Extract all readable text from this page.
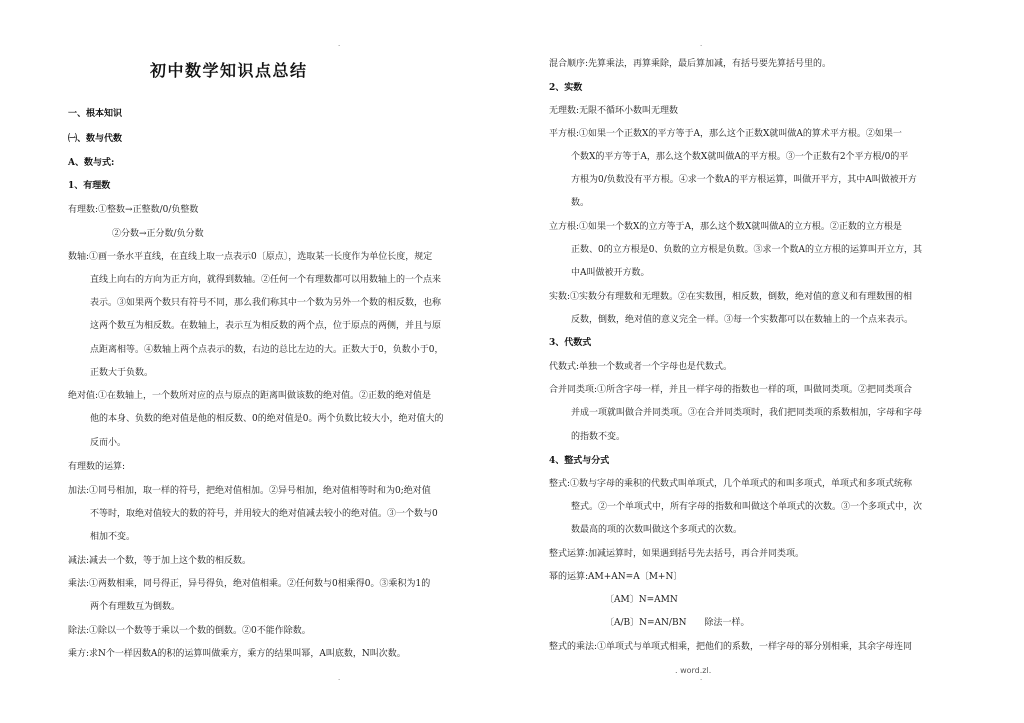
·	·
·	·
初中数学知识点总结
一、根本知识
㈠、数与代数
A、数与式:
1、有理数
有理数:①整数→正整数/0/负整数
②分数→正分数/负分数
数轴:①画一条水平直线，在直线上取一点表示0〔原点〕，选取某一长度作为单位长度，规定
直线上向右的方向为正方向，就得到数轴。②任何一个有理数都可以用数轴上的一个点来
表示。③如果两个数只有符号不同，那么我们称其中一个数为另外一个数的相反数，也称
这两个数互为相反数。在数轴上，表示互为相反数的两个点，位于原点的两侧，并且与原
点距离相等。④数轴上两个点表示的数，右边的总比左边的大。正数大于0，负数小于0，
正数大于负数。
绝对值:①在数轴上，一个数所对应的点与原点的距离叫做该数的绝对值。②正数的绝对值是
他的本身、负数的绝对值是他的相反数、0的绝对值是0。两个负数比较大小，绝对值大的
反而小。
有理数的运算:
加法:①同号相加，取一样的符号，把绝对值相加。②异号相加，绝对值相等时和为0;绝对值
不等时，取绝对值较大的数的符号，并用较大的绝对值减去较小的绝对值。③一个数与0
相加不变。
减法:减去一个数，等于加上这个数的相反数。
乘法:①两数相乘，同号得正，异号得负，绝对值相乘。②任何数与0相乘得0。③乘积为1的
两个有理数互为倒数。
除法:①除以一个数等于乘以一个数的倒数。②0不能作除数。
乘方:求N个一样因数A的积的运算叫做乘方，乘方的结果叫幂，A叫底数，N叫次数。
混合顺序:先算乘法，再算乘除，最后算加减，有括号要先算括号里的。
2、实数
无理数:无限不循环小数叫无理数
平方根:①如果一个正数X的平方等于A，那么这个正数X就叫做A的算术平方根。②如果一
个数X的平方等于A，那么这个数X就叫做A的平方根。③一个正数有2个平方根/0的平
方根为0/负数没有平方根。④求一个数A的平方根运算，叫做开平方，其中A叫做被开方
数。
立方根:①如果一个数X的立方等于A，那么这个数X就叫做A的立方根。②正数的立方根是
正数、0的立方根是0、负数的立方根是负数。③求一个数A的立方根的运算叫开立方，其
中A叫做被开方数。
实数:①实数分有理数和无理数。②在实数围，相反数，倒数，绝对值的意义和有理数围的相
反数，倒数，绝对值的意义完全一样。③每一个实数都可以在数轴上的一个点来表示。
3、代数式
代数式:单独一个数或者一个字母也是代数式。
合并同类项:①所含字母一样，并且一样字母的指数也一样的项，叫做同类项。②把同类项合
并成一项就叫做合并同类项。③在合并同类项时，我们把同类项的系数相加，字母和字母
的指数不变。
4、整式与分式
整式:①数与字母的乘积的代数式叫单项式，几个单项式的和叫多项式，单项式和多项式统称
整式。②一个单项式中，所有字母的指数和叫做这个单项式的次数。③一个多项式中，次
数最高的项的次数叫做这个多项式的次数。
整式运算:加减运算时，如果遇到括号先去括号，再合并同类项。
幂的运算:AM+AN=A〔M+N〕
〔AM〕N=AMN
〔A/B〕N=AN/BN　　除法一样。
整式的乘法:①单项式与单项式相乘，把他们的系数，一样字母的幂分别相乘，其余字母连同
. word.zl.
